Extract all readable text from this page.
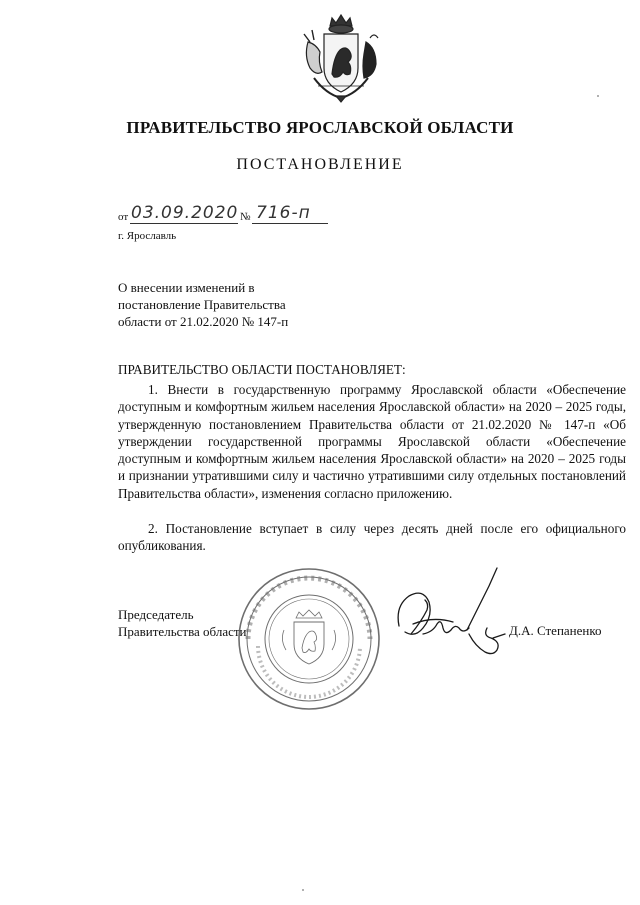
ПРАВИТЕЛЬСТВО ЯРОСЛАВСКОЙ ОБЛАСТИ
ПОСТАНОВЛЕНИЕ
от 03.09.2020 № 716-п
г. Ярославль
О внесении изменений в
постановление Правительства
области от 21.02.2020 № 147-п
ПРАВИТЕЛЬСТВО ОБЛАСТИ ПОСТАНОВЛЯЕТ:

1. Внести в государственную программу Ярославской области «Обеспечение доступным и комфортным жильем населения Ярославской области» на 2020 – 2025 годы, утвержденную постановлением Правительства области от 21.02.2020 № 147-п «Об утверждении государственной программы Ярославской области «Обеспечение доступным и комфортным жильем населения Ярославской области» на 2020 – 2025 годы и признании утратившими силу и частично утратившими силу отдельных постановлений Правительства области», изменения согласно приложению.

2. Постановление вступает в силу через десять дней после его официального опубликования.

Председатель
Правительства области	Д.А. Степаненко
